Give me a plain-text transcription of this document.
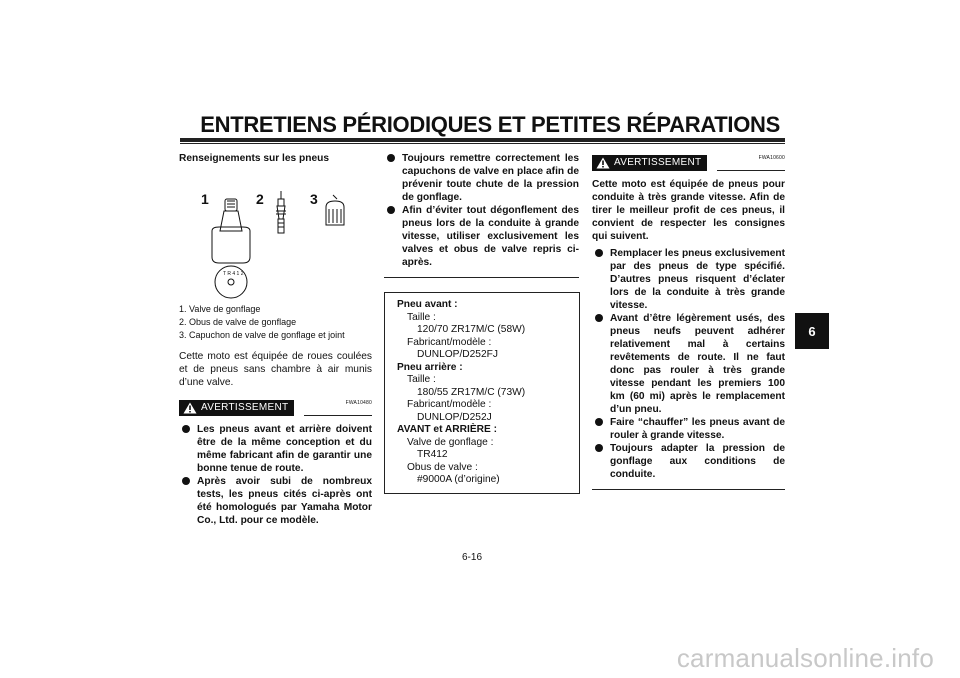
ENTRETIENS PÉRIODIQUES ET PETITES RÉPARATIONS
Renseignements sur les pneus
1	2	3
T R 4 1 2
1. Valve de gonflage
2. Obus de valve de gonflage
3. Capuchon de valve de gonflage et joint
Cette moto est équipée de roues coulées et de pneus sans chambre à air munis d’une valve.
FWA10480
AVERTISSEMENT
Les pneus avant et arrière doivent être de la même conception et du même fabricant afin de garantir une bonne tenue de route.
Après avoir subi de nombreux tests, les pneus cités ci-après ont été homologués par Yamaha Motor Co., Ltd. pour ce modèle.
Toujours remettre correctement les capuchons de valve en place afin de prévenir toute chute de la pression de gonflage.
Afin d’éviter tout dégonflement des pneus lors de la conduite à grande vitesse, utiliser exclusivement les valves et obus de valve repris ci-après.
Pneu avant :
Taille :
120/70 ZR17M/C (58W)
Fabricant/modèle :
DUNLOP/D252FJ
Pneu arrière :
Taille :
180/55 ZR17M/C (73W)
Fabricant/modèle :
DUNLOP/D252J
AVANT et ARRIÈRE :
Valve de gonflage :
TR412
Obus de valve :
#9000A (d’origine)
FWA10600
AVERTISSEMENT
Cette moto est équipée de pneus pour conduite à très grande vitesse. Afin de tirer le meilleur profit de ces pneus, il convient de respecter les consignes qui suivent.
Remplacer les pneus exclusivement par des pneus de type spécifié. D’autres pneus risquent d’éclater lors de la conduite à très grande vitesse.
Avant d’être légèrement usés, des pneus neufs peuvent adhérer relativement mal à certains revêtements de route. Il ne faut donc pas rouler à très grande vitesse pendant les premiers 100 km (60 mi) après le remplacement d’un pneu.
Faire “chauffer” les pneus avant de rouler à grande vitesse.
Toujours adapter la pression de gonflage aux conditions de conduite.
6
6-16
carmanualsonline.info
